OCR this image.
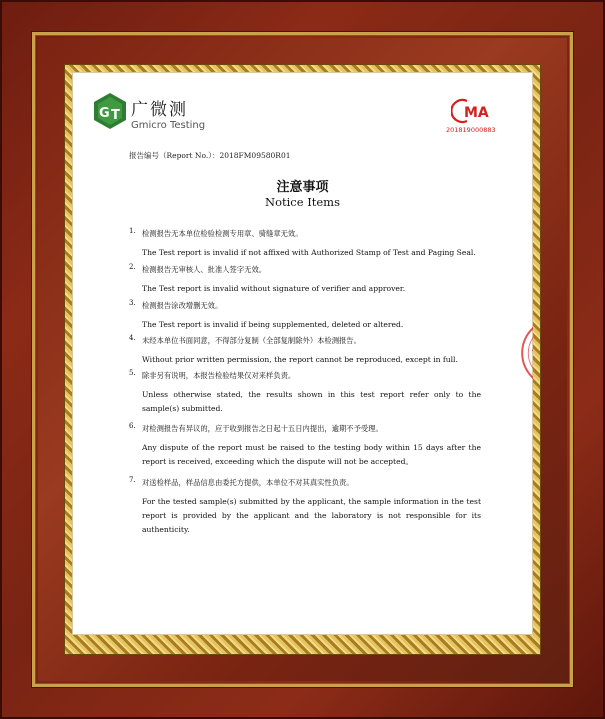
G T 广微测
Gmicro Testing
MA
201819000883
报告编号（Report No.）：2018FM09580R01
注意事项
Notice Items
1. 检测报告无本单位检验检测专用章、骑缝章无效。
The Test report is invalid if not affixed with Authorized Stamp of Test and Paging Seal.
2. 检测报告无审核人、批准人签字无效。
The Test report is invalid without signature of verifier and approver.
3. 检测报告涂改增删无效。
The Test report is invalid if being supplemented, deleted or altered.
4. 未经本单位书面同意，不得部分复制（全部复制除外）本检测报告。
Without prior written permission, the report cannot be reproduced, except in full.
5. 除非另有说明，本报告检验结果仅对来样负责。
Unless otherwise stated, the results shown in this test report refer only to the sample(s) submitted.
6. 对检测报告有异议的，应于收到报告之日起十五日内提出，逾期不予受理。
Any dispute of the report must be raised to the testing body within 15 days after the report is received, exceeding which the dispute will not be accepted。
7. 对送检样品，样品信息由委托方提供，本单位不对其真实性负责。
For the tested sample(s) submitted by the applicant, the sample information in the test report is provided by the applicant and the laboratory is not responsible for its authenticity.
